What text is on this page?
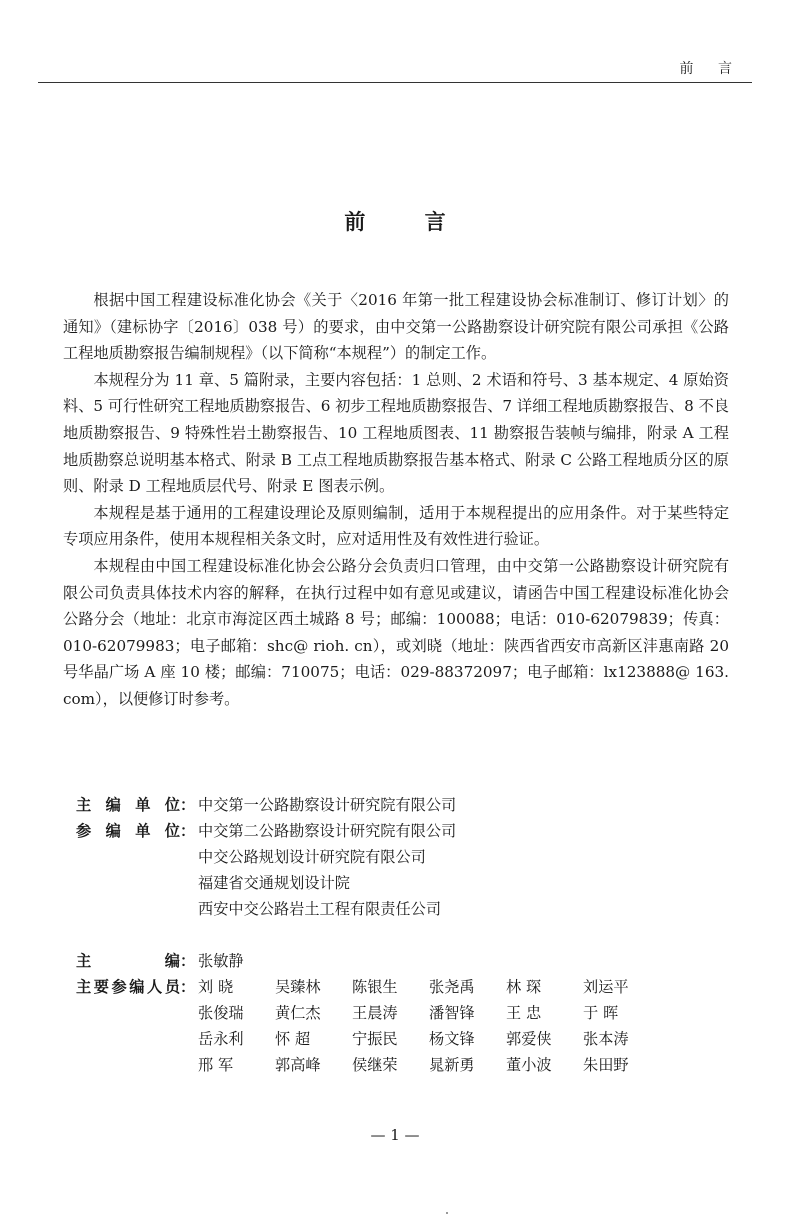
前 言
前 言

根据中国工程建设标准化协会《关于〈2016 年第一批工程建设协会标准制订、修订计划〉的通知》（建标协字〔2016〕038 号）的要求，由中交第一公路勘察设计研究院有限公司承担《公路工程地质勘察报告编制规程》（以下简称“本规程”）的制定工作。

本规程分为 11 章、5 篇附录，主要内容包括：1 总则、2 术语和符号、3 基本规定、4 原始资料、5 可行性研究工程地质勘察报告、6 初步工程地质勘察报告、7 详细工程地质勘察报告、8 不良地质勘察报告、9 特殊性岩土勘察报告、10 工程地质图表、11 勘察报告装帧与编排，附录 A 工程地质勘察总说明基本格式、附录 B 工点工程地质勘察报告基本格式、附录 C 公路工程地质分区的原则、附录 D 工程地质层代号、附录 E 图表示例。

本规程是基于通用的工程建设理论及原则编制，适用于本规程提出的应用条件。对于某些特定专项应用条件，使用本规程相关条文时，应对适用性及有效性进行验证。

本规程由中国工程建设标准化协会公路分会负责归口管理，由中交第一公路勘察设计研究院有限公司负责具体技术内容的解释，在执行过程中如有意见或建议，请函告中国工程建设标准化协会公路分会（地址：北京市海淀区西土城路 8 号；邮编：100088；电话：010-62079839；传真：010-62079983；电子邮箱：shc@ rioh. cn），或刘晓（地址：陕西省西安市高新区沣惠南路 20 号华晶广场 A 座 10 楼；邮编：710075；电话：029-88372097；电子邮箱：lx123888@ 163. com），以便修订时参考。

主 编 单 位： 中交第一公路勘察设计研究院有限公司
参 编 单 位： 中交第二公路勘察设计研究院有限公司
中交公路规划设计研究院有限公司
福建省交通规划设计院
西安中交公路岩土工程有限责任公司
主 编： 张敏静
主要参编人员： 刘 晓	吴臻林	陈银生	张尧禹	林 琛	刘运平
张俊瑞	黄仁杰	王晨涛	潘智锋	王 忠	于 晖
岳永利	怀 超	宁振民	杨文锋	郭爱侠	张本涛
邢 军	郭高峰	侯继荣	晁新勇	董小波	朱田野
— 1 —
